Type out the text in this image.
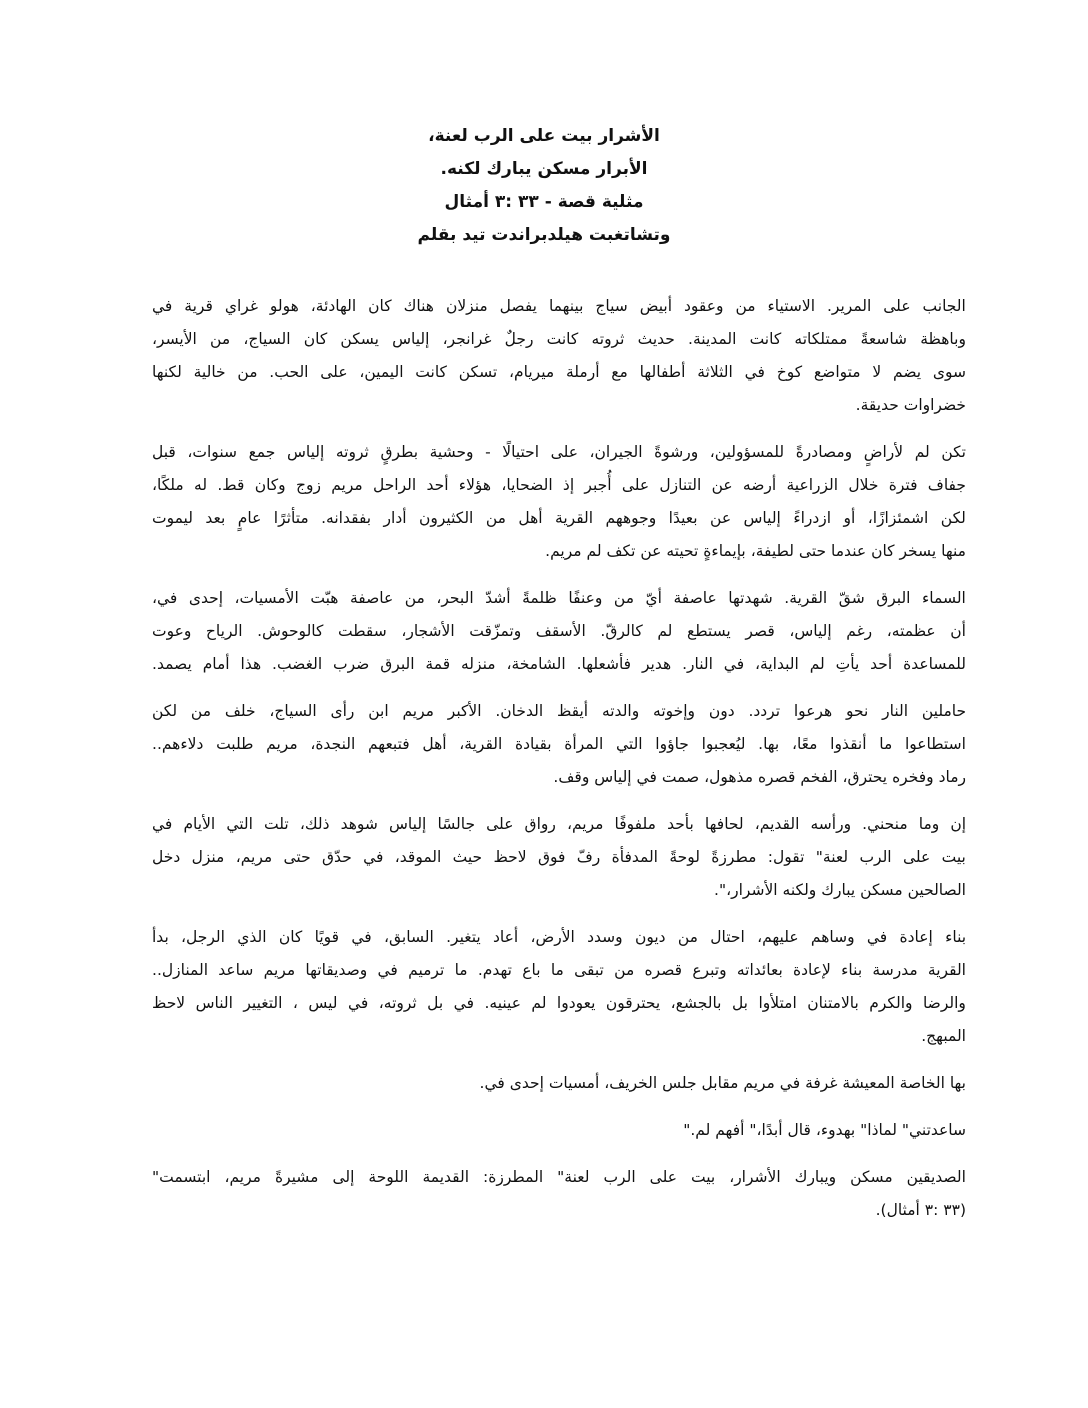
،لعنة الرب على بيت الأشرار
.لكنه يبارك مسكن الأبرار
أمثال ٣: ٣٣ - قصة مثلية
بقلم تيد هيلدبراندت وتشاتغبت
في قرية غراي هولو الهادئة، كان هناك منزلان يفصل بينهما سياج أبيض وعقود من الاستياء المرير. على الجانب
،الأيسر من السياج، كان يسكن إلياس غرانجر، رجلٌ كانت ثروته حديث المدينة. كانت ممتلكاته شاسعةً وباهظة
لكنها خالية من الحب. على اليمين، كانت تسكن ميريام، أرملة مع أطفالها الثلاثة في كوخ متواضع لا يضم سوى
.حديقة خضراوات
قبل سنوات، جمع إلياس ثروته بطرقٍ وحشية - احتيالًا على الجيران، ورشوةً للمسؤولين، ومصادرةً لأراضٍ لم تكن
،ملكًا له قط. وكان زوج مريم الراحل أحد هؤلاء الضحايا، إذ أُجبر على التنازل عن أرضه الزراعية خلال فترة جفاف
ليموت بعد عامٍ متأثرًا بفقدانه. أدار الكثيرون من أهل القرية وجوههم بعيدًا عن إلياس ازدراءً أو اشمئزازًا، لكن
.مريم لم تكف عن تحيته بإيماءةٍ لطيفة، حتى عندما كان يسخر منها
،في إحدى الأمسيات، هبّت عاصفة من البحر، أشدّ ظلمةً وعنفًا من أيّ عاصفة شهدتها القرية. شقّ البرق السماء
وعوت الرياح كالوحوش. سقطت الأشجار، وتمزّقت الأسقف كالرقّ. لم يستطع قصر إلياس، رغم عظمته، أن
.يصمد أمام هذا الغضب. ضرب البرق قمة منزله الشامخة، فأشعلها. هدير النار. في البداية، لم يأتِ أحد للمساعدة
لكن من خلف السياج، رأى ابن مريم الأكبر الدخان. أيقظ والدته وإخوته دون تردد. هرعوا نحو النار حاملين
.دلاءهم. طلبت مريم النجدة، فتبعهم أهل القرية، بقيادة المرأة التي جاؤوا ليُعجبوا بها. معًا، أنقذوا ما استطاعوا
.وقف إلياس في صمت مذهول، قصره الفخم يحترق، وفخره رماد
في الأيام التي تلت ذلك، شوهد إلياس جالسًا على رواق مريم، ملفوفًا بأحد لحافها القديم، ورأسه منحني. وما إن
دخل منزل مريم، حتى حدّق في الموقد، حيث لاحظ فوق رفّ المدفأة لوحةً مطرزةً تقول: "لعنة الرب على بيت
."الأشرار، ولكنه يبارك مسكن الصالحين
بدأ الرجل، الذي كان قويًا في السابق، يتغير. أعاد الأرض، وسدد ديون من احتال عليهم، وساهم في إعادة بناء
.المنازل. ساعد مريم وصديقاتها في ترميم ما تهدم. باع ما تبقى من قصره وتبرع بعائداته لإعادة بناء مدرسة القرية
لاحظ الناس التغيير ، ليس في ثروته، بل في عينيه. لم يعودوا يحترقون بالجشع، بل امتلأوا بالامتنان والكرم والرضا
.المبهج
.في إحدى أمسيات الخريف، جلس مقابل مريم في غرفة المعيشة الخاصة بها
".لم أفهم أبدًا،" قال بهدوء، "لماذا ساعدتني"
"ابتسمت مريم، مشيرةً إلى اللوحة القديمة المطرزة: "لعنة الرب على بيت الأشرار، ويبارك مسكن الصديقين
.(أمثال ٣: ٣٣)
